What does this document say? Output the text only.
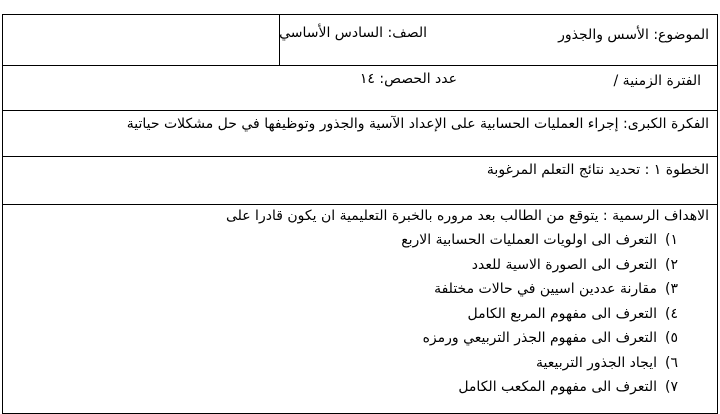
الموضوع: الأسس والجذور
الصف: السادس الأساسي
الفترة الزمنية /
عدد الحصص: ١٤
الفكرة الكبرى: إجراء العمليات الحسابية على الإعداد الآسية والجذور وتوظيفها في حل مشكلات حياتية
الخطوة ١ : تحديد نتائج التعلم المرغوبة
الاهداف الرسمية : يتوقع من الطالب بعد مروره بالخبرة التعليمية ان يكون قادرا على
١)
التعرف الى اولويات العمليات الحسابية الاربع
٢)
التعرف الى الصورة الاسية للعدد
٣)
مقارنة عددين اسيين في حالات مختلفة
٤)
التعرف الى مفهوم المربع الكامل
٥)
التعرف الى مفهوم الجذر التربيعي ورمزه
٦)
ايجاد الجذور التربيعية
٧)
التعرف الى مفهوم المكعب الكامل
